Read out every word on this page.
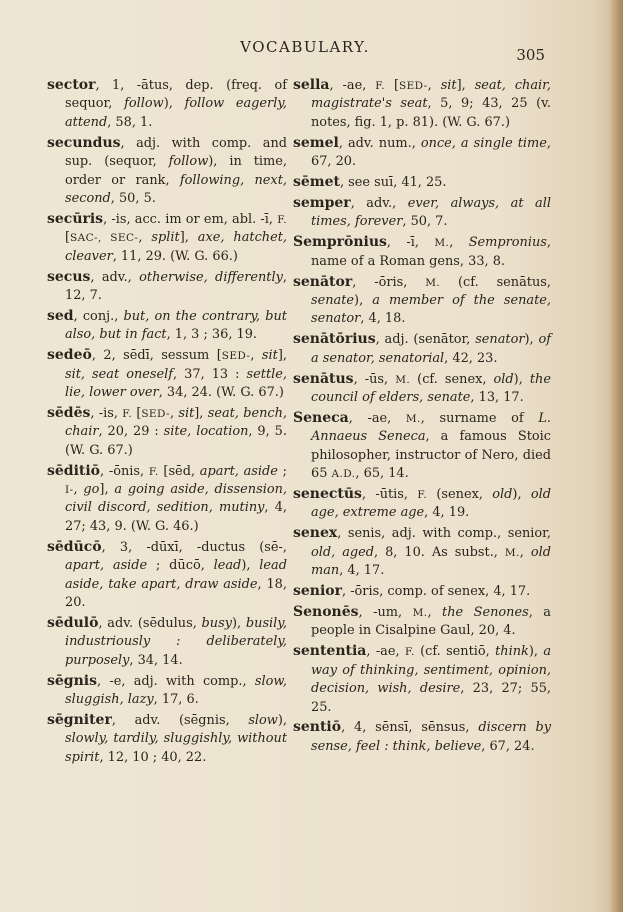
VOCABULARY.	305

sector, 1, -ātus, dep. (freq. of sequor, follow), follow eagerly, attend, 58, 1.

secundus, adj. with comp. and sup. (sequor, follow), in time, order or rank, following, next, second, 50, 5.

secūris, -is, acc. im or em, abl. -ī, F. [SAC-, SEC-, split], axe, hatchet, cleaver, 11, 29. (W. G. 66.)

secus, adv., otherwise, differently, 12, 7.

sed, conj., but, on the contrary, but also, but in fact, 1, 3 ; 36, 19.

sedeō, 2, sēdī, sessum [SED-, sit], sit, seat oneself, 37, 13 : settle, lie, lower over, 34, 24. (W. G. 67.)

sēdēs, -is, F. [SED-, sit], seat, bench, chair, 20, 29 : site, location, 9, 5. (W. G. 67.)

sēditiō, -ōnis, F. [sēd, apart, aside ; I-, go], a going aside, dissension, civil discord, sedition, mutiny, 4, 27; 43, 9. (W. G. 46.)

sēdūcō, 3, -dūxī, -ductus (sē-, apart, aside ; dūcō, lead), lead aside, take apart, draw aside, 18, 20.

sēdulō, adv. (sēdulus, busy), busily, industriously : deliberately, purposely, 34, 14.

sēgnis, -e, adj. with comp., slow, sluggish, lazy, 17, 6.

sēgniter, adv. (sēgnis, slow), slowly, tardily, sluggishly, without spirit, 12, 10 ; 40, 22.

sella, -ae, F. [SED-, sit], seat, chair, magistrate's seat, 5, 9; 43, 25 (v. notes, fig. 1, p. 81). (W. G. 67.)

semel, adv. num., once, a single time, 67, 20.

sēmet, see suī, 41, 25.

semper, adv., ever, always, at all times, forever, 50, 7.

Semprōnius, -ī, M., Sempronius, name of a Roman gens, 33, 8.

senātor, -ōris, M. (cf. senātus, senate), a member of the senate, senator, 4, 18.

senātōrius, adj. (senātor, senator), of a senator, senatorial, 42, 23.

senātus, -ūs, M. (cf. senex, old), the council of elders, senate, 13, 17.

Seneca, -ae, M., surname of L. Annaeus Seneca, a famous Stoic philosopher, instructor of Nero, died 65 A.D., 65, 14.

senectūs, -ūtis, F. (senex, old), old age, extreme age, 4, 19.

senex, senis, adj. with comp., senior, old, aged, 8, 10. As subst., M., old man, 4, 17.

senior, -ōris, comp. of senex, 4, 17.

Senonēs, -um, M., the Senones, a people in Cisalpine Gaul, 20, 4.

sententia, -ae, F. (cf. sentiō, think), a way of thinking, sentiment, opinion, decision, wish, desire, 23, 27; 55, 25.

sentiō, 4, sēnsī, sēnsus, discern by sense, feel : think, believe, 67, 24.
